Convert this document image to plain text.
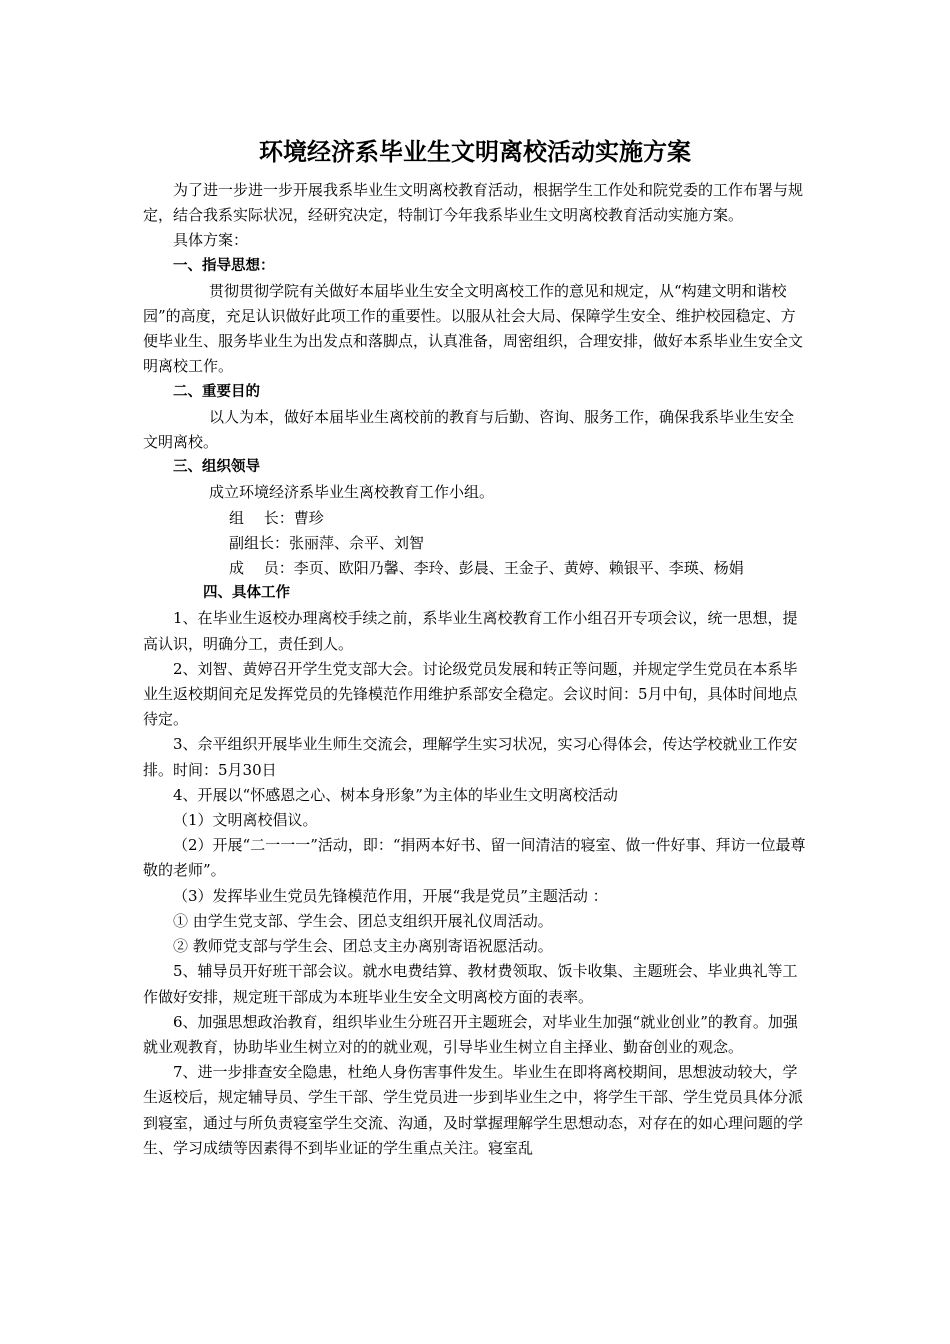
环境经济系毕业生文明离校活动实施方案

为了进一步进一步开展我系毕业生文明离校教育活动，根据学生工作处和院党委的工作布署与规定，结合我系实际状况，经研究决定，特制订今年我系毕业生文明离校教育活动实施方案。

具体方案：

一、指导思想：

贯彻贯彻学院有关做好本届毕业生安全文明离校工作的意见和规定，从“构建文明和谐校园”的高度，充足认识做好此项工作的重要性。以服从社会大局、保障学生安全、维护校园稳定、方便毕业生、服务毕业生为出发点和落脚点，认真准备，周密组织，合理安排，做好本系毕业生安全文明离校工作。

二、重要目的

以人为本，做好本届毕业生离校前的教育与后勤、咨询、服务工作，确保我系毕业生安全文明离校。

三、组织领导

成立环境经济系毕业生离校教育工作小组。

组　 长：曹珍

副组长：张丽萍、佘平、刘智

成　 员：李页、欧阳乃馨、李玲、彭晨、王金子、黄婷、赖银平、李瑛、杨娟

四、具体工作

1、在毕业生返校办理离校手续之前，系毕业生离校教育工作小组召开专项会议，统一思想，提高认识，明确分工，责任到人。

2、刘智、黄婷召开学生党支部大会。讨论级党员发展和转正等问题，并规定学生党员在本系毕业生返校期间充足发挥党员的先锋模范作用维护系部安全稳定。会议时间：5月中旬，具体时间地点待定。

3、佘平组织开展毕业生师生交流会，理解学生实习状况，实习心得体会，传达学校就业工作安排。时间：5月30日

4、开展以“怀感恩之心、树本身形象”为主体的毕业生文明离校活动

（1）文明离校倡议。

（2）开展“二一一一”活动，即：“捐两本好书、留一间清洁的寝室、做一件好事、拜访一位最尊敬的老师”。

（3）发挥毕业生党员先锋模范作用，开展“我是党员”主题活动 ：

① 由学生党支部、学生会、团总支组织开展礼仪周活动。

② 教师党支部与学生会、团总支主办离别寄语祝愿活动。

5、辅导员开好班干部会议。就水电费结算、教材费领取、饭卡收集、主题班会、毕业典礼等工作做好安排，规定班干部成为本班毕业生安全文明离校方面的表率。

6、加强思想政治教育，组织毕业生分班召开主题班会，对毕业生加强“就业创业”的教育。加强就业观教育，协助毕业生树立对的的就业观，引导毕业生树立自主择业、勤奋创业的观念。

7、进一步排查安全隐患，杜绝人身伤害事件发生。毕业生在即将离校期间，思想波动较大，学生返校后，规定辅导员、学生干部、学生党员进一步到毕业生之中，将学生干部、学生党员具体分派到寝室，通过与所负责寝室学生交流、沟通，及时掌握理解学生思想动态，对存在的如心理问题的学生、学习成绩等因素得不到毕业证的学生重点关注。寝室乱
